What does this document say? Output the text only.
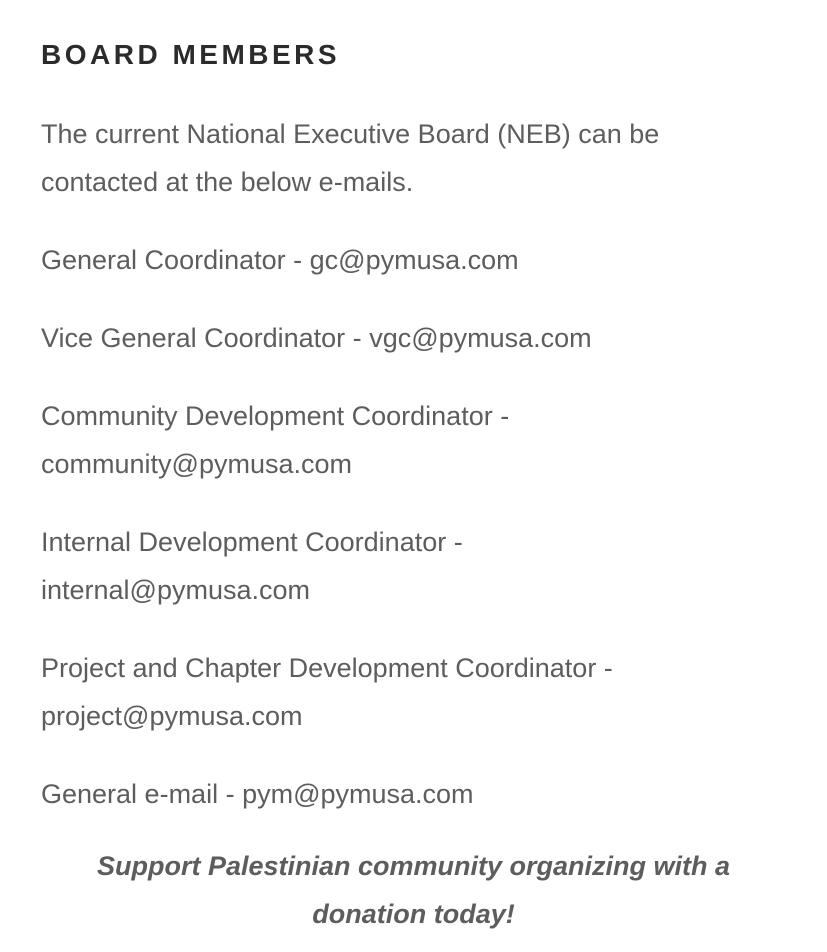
BOARD MEMBERS

The current National Executive Board (NEB) can be
contacted at the below e-mails.

General Coordinator - gc@pymusa.com

Vice General Coordinator - vgc@pymusa.com

Community Development Coordinator -
community@pymusa.com

Internal Development Coordinator -
internal@pymusa.com

Project and Chapter Development Coordinator -
project@pymusa.com

General e-mail - pym@pymusa.com

Support Palestinian community organizing with a
donation today!
